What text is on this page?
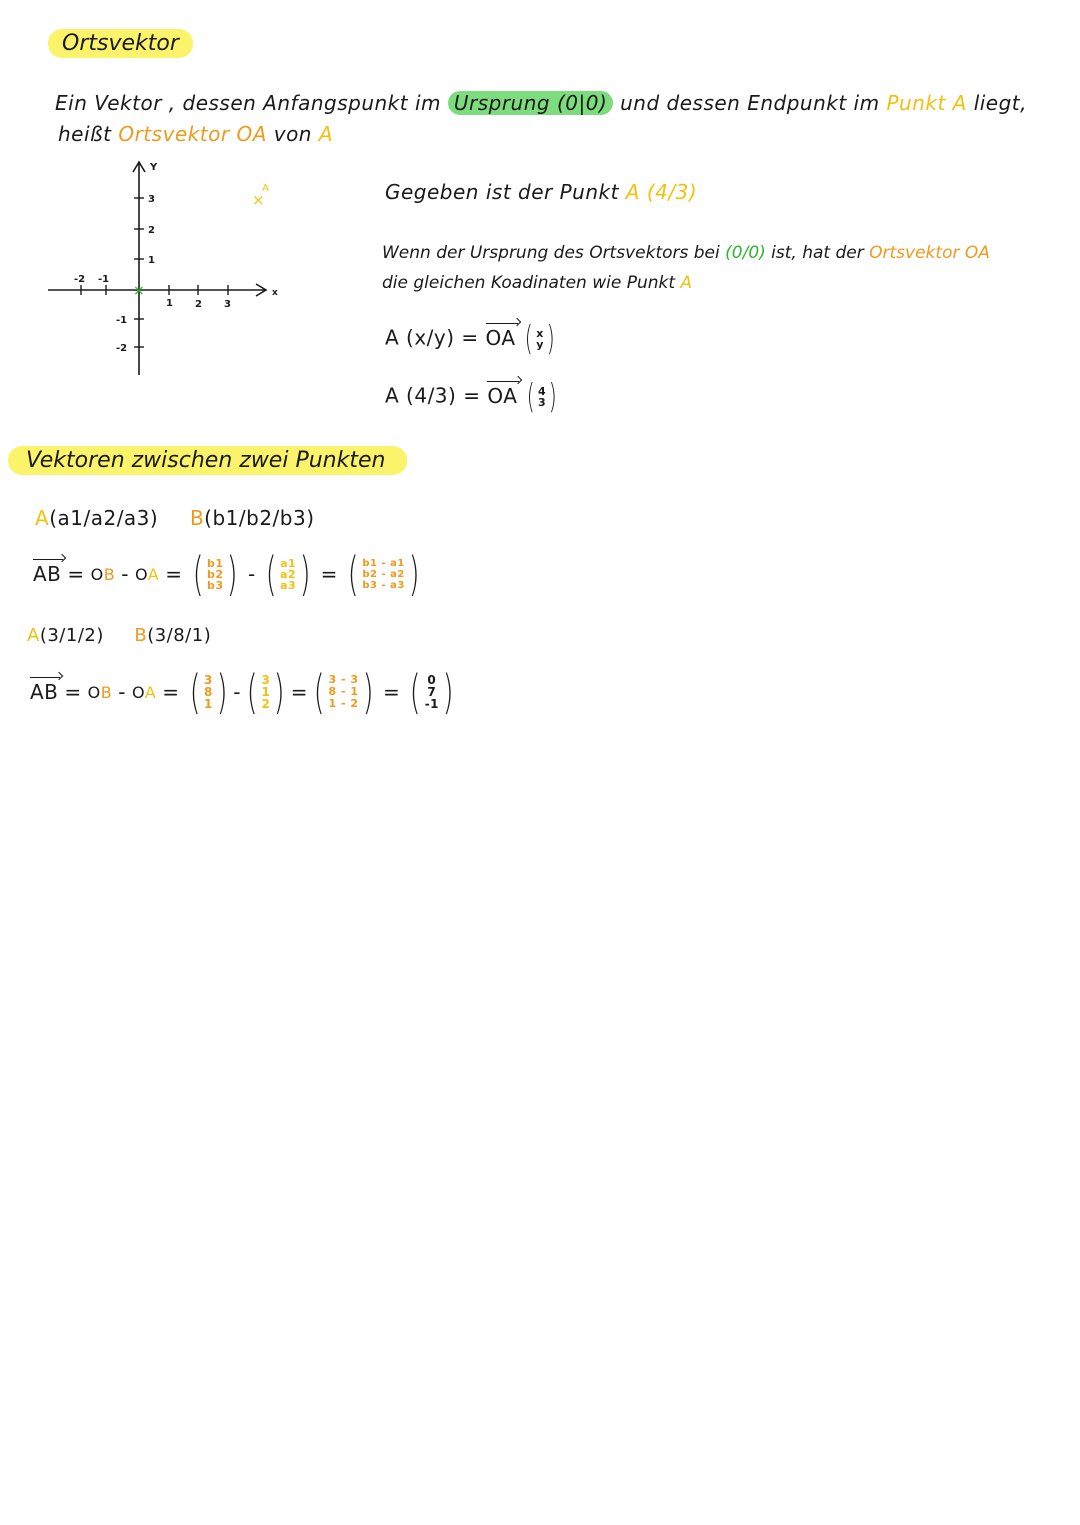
Ortsvektor
Ein Vektor , dessen Anfangspunkt im Ursprung (0|0) und dessen Endpunkt im Punkt A liegt,
heißt Ortsvektor OA von A
-2 -1
1 2 3
3
2
1
-1
-2
x
Y
×
×
A	Gegeben ist der Punkt A (4/3)
Wenn der Ursprung des Ortsvektors bei (0/0) ist, hat der Ortsvektor OA
die gleichen Koadinaten wie Punkt A
A (x/y) = OA ( x
y )
A (4/3) = OA ( 4
3 )
Vektoren zwischen zwei Punkten
A(a1/a2/a3) B(b1/b2/b3)
AB = OB - OA = ( b1
b2
b3 ) - ( a1
a2
a3 ) = ( b1 - a1
b2 - a2
b3 - a3 )
A(3/1/2) B(3/8/1)
AB = OB - OA = ( 3
8
1 ) - ( 3
1
2 ) = ( 3 - 3
8 - 1
1 - 2 ) = ( 0
7
-1 )
